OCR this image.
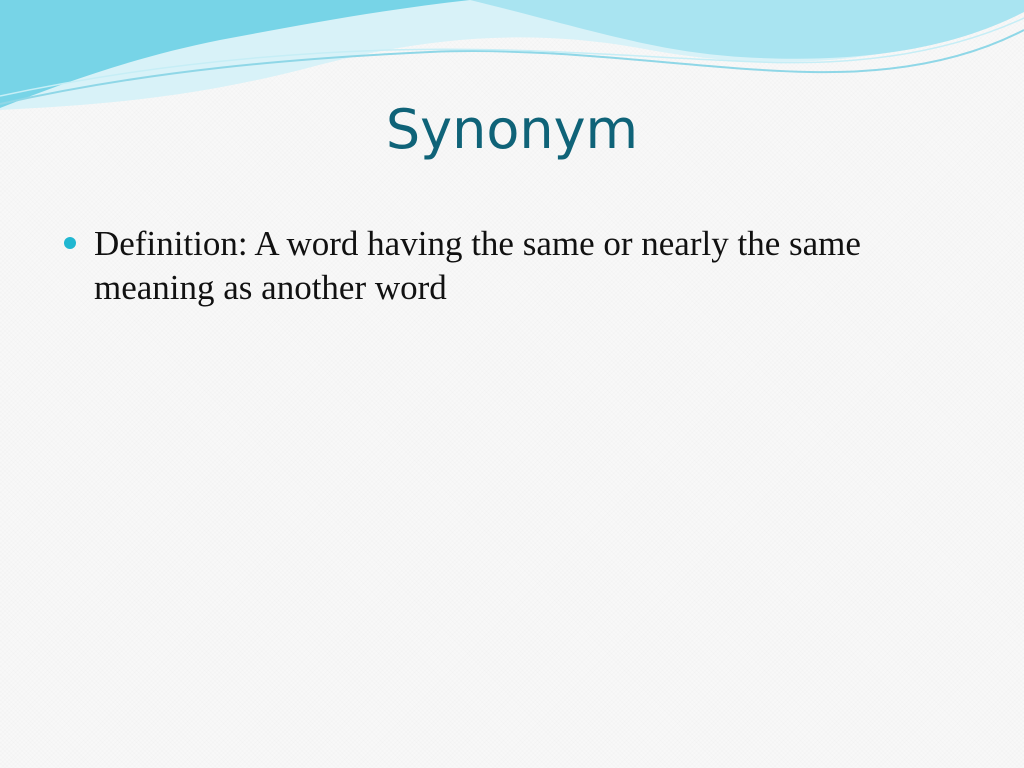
Synonym
Definition: A word having the same or nearly the same meaning as another word
